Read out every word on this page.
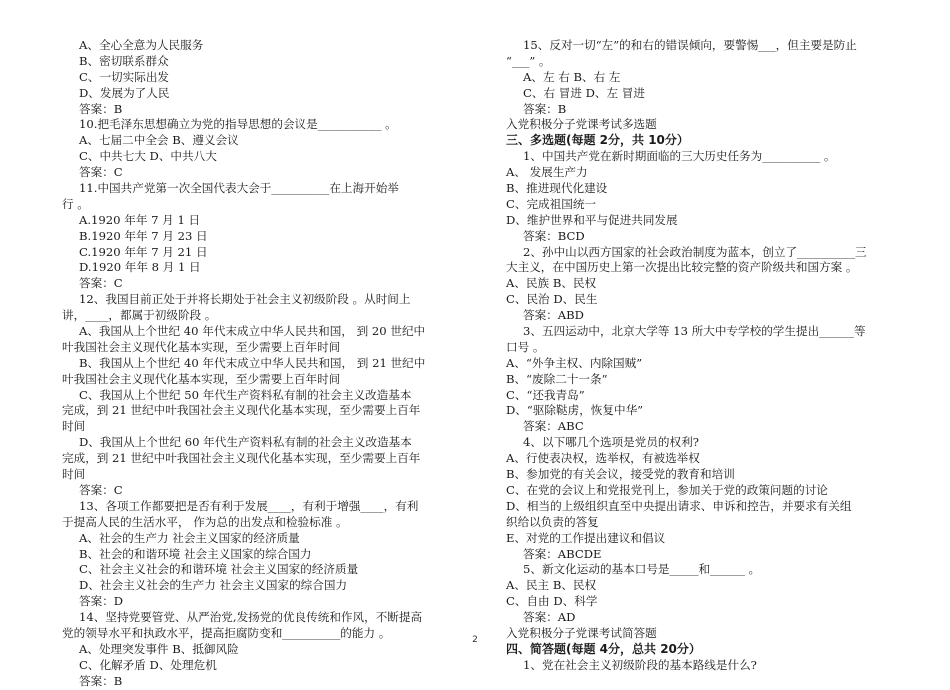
A、全心全意为人民服务
B、密切联系群众
C、一切实际出发
D、发展为了人民
答案：B
10.把毛泽东思想确立为党的指导思想的会议是___________ 。
A、七届二中全会 B、遵义会议
C、中共七大 D、中共八大
答案：C
11.中国共产党第一次全国代表大会于__________在上海开始举
行 。
A.1920 年年 7 月 1 日
B.1920 年年 7 月 23 日
C.1920 年年 7 月 21 日
D.1920 年年 8 月 1 日
答案：C
12、我国目前正处于并将长期处于社会主义初级阶段 。从时间上
讲，____，都属于初级阶段 。
A、我国从上个世纪 40 年代末成立中华人民共和国， 到 20 世纪中
叶我国社会主义现代化基本实现，至少需要上百年时间
B、我国从上个世纪 40 年代末成立中华人民共和国， 到 21 世纪中
叶我国社会主义现代化基本实现，至少需要上百年时间
C、我国从上个世纪 50 年代生产资料私有制的社会主义改造基本
完成，到 21 世纪中叶我国社会主义现代化基本实现，至少需要上百年
时间
D、我国从上个世纪 60 年代生产资料私有制的社会主义改造基本
完成，到 21 世纪中叶我国社会主义现代化基本实现，至少需要上百年
时间
答案：C
13、各项工作都要把是否有利于发展____，有利于增强____，有利
于提高人民的生活水平， 作为总的出发点和检验标准 。
A、社会的生产力 社会主义国家的经济质量
B、社会的和谐环境 社会主义国家的综合国力
C、社会主义社会的和谐环境 社会主义国家的经济质量
D、社会主义社会的生产力 社会主义国家的综合国力
答案：D
14、坚持党要管党、从严治党,发扬党的优良传统和作风，不断提高
党的领导水平和执政水平，提高拒腐防变和__________的能力 。
A、处理突发事件 B、抵御风险
C、化解矛盾 D、处理危机
答案：B
15、反对一切“左”的和右的错误倾向，要警惕___，但主要是防止
“___” 。
A、左 右 B、右 左
C、右 冒进 D、左 冒进
答案：B
入党积极分子党课考试多选题
三、多选题(每题 2分，共 10分）
1、中国共产党在新时期面临的三大历史任务为__________ 。
A、 发展生产力
B、推进现代化建设
C、完成祖国统一
D、维护世界和平与促进共同发展
答案：BCD
2、孙中山以西方国家的社会政治制度为蓝本，创立了__________三
大主义，在中国历史上第一次提出比较完整的资产阶级共和国方案 。
A、民族 B、民权
C、民治 D、民生
答案：ABD
3、五四运动中，北京大学等 13 所大中专学校的学生提出______等
口号 。
A、“外争主权、内除国贼”
B、“废除二十一条”
C、“还我青岛”
D、“驱除鞑虏，恢复中华”
答案：ABC
4、以下哪几个选项是党员的权利?
A、行使表决权，选举权，有被选举权
B、参加党的有关会议，接受党的教育和培训
C、在党的会议上和党报党刊上，参加关于党的政策问题的讨论
D、相当的上级组织直至中央提出请求、申诉和控告，并要求有关组
织给以负责的答复
E、对党的工作提出建议和倡议
答案：ABCDE
5、新文化运动的基本口号是_____和______ 。
A、民主 B、民权
C、自由 D、科学
答案：AD
入党积极分子党课考试简答题
四、简答题(每题 4分，总共 20分）
1、党在社会主义初级阶段的基本路线是什么?
2
